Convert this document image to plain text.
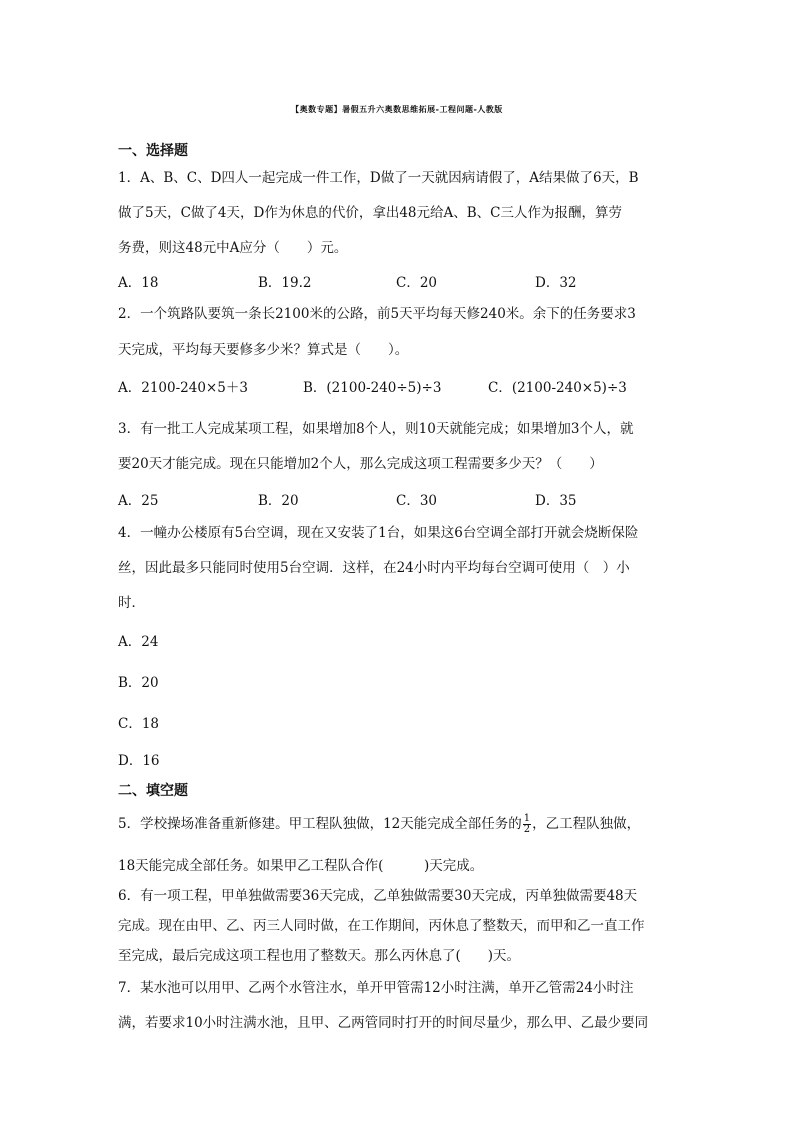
【奥数专题】暑假五升六奥数思维拓展-工程问题-人教版
一、选择题
1．A、B、C、D四人一起完成一件工作，D做了一天就因病请假了，A结果做了6天，B
做了5天，C做了4天，D作为休息的代价，拿出48元给A、B、C三人作为报酬，算劳
务费，则这48元中A应分（　　）元。
A．18	B．19.2	C．20	D．32
2．一个筑路队要筑一条长2100米的公路，前5天平均每天修240米。余下的任务要求3
天完成，平均每天要修多少米？算式是（　　）。
A．2100-240×5＋3	B．(2100-240÷5)÷3	C．(2100-240×5)÷3
3．有一批工人完成某项工程，如果增加8个人，则10天就能完成；如果增加3个人，就
要20天才能完成。现在只能增加2个人，那么完成这项工程需要多少天？（　　）
A．25	B．20	C．30	D．35
4．一幢办公楼原有5台空调，现在又安装了1台，如果这6台空调全部打开就会烧断保险
丝，因此最多只能同时使用5台空调．这样，在24小时内平均每台空调可使用（　）小
时．
A．24
B．20
C．18
D．16
二、填空题
5．学校操场准备重新修建。甲工程队独做，12天能完成全部任务的 $\frac{1}{2}$ ，乙工程队独做，
18天能完成全部任务。如果甲乙工程队合作(　　　)天完成。
6．有一项工程，甲单独做需要36天完成，乙单独做需要30天完成，丙单独做需要48天
完成。现在由甲、乙、丙三人同时做，在工作期间，丙休息了整数天，而甲和乙一直工作
至完成，最后完成这项工程也用了整数天。那么丙休息了(　　)天。
7．某水池可以用甲、乙两个水管注水，单开甲管需12小时注满，单开乙管需24小时注
满，若要求10小时注满水池，且甲、乙两管同时打开的时间尽量少，那么甲、乙最少要同
